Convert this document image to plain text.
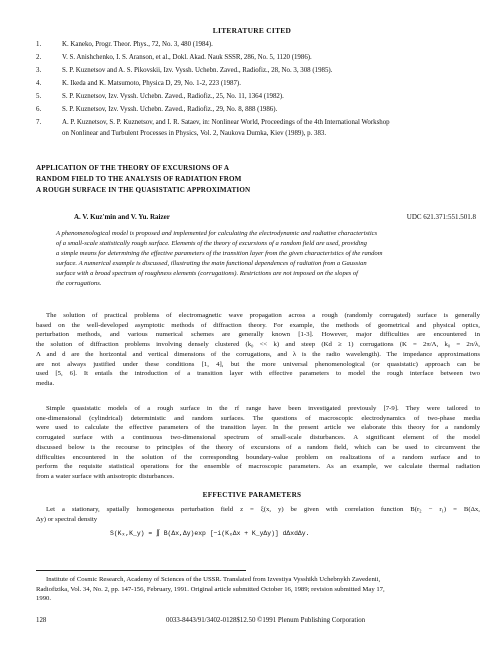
LITERATURE CITED
1.	K. Kaneko, Progr. Theor. Phys., 72, No. 3, 480 (1984).
2.	V. S. Anishchenko, I. S. Aranson, et al., Dokl. Akad. Nauk SSSR, 286, No. 5, 1120 (1986).
3.	S. P. Kuznetsov and A. S. Pikovskii, Izv. Vyssh. Uchebn. Zaved., Radiofiz., 28, No. 3, 308 (1985).
4.	K. Ikeda and K. Matsumoto, Physica D, 29, No. 1-2, 223 (1987).
5.	S. P. Kuznetsov, Izv. Vyssh. Uchebn. Zaved., Radiofiz., 25, No. 11, 1364 (1982).
6.	S. P. Kuznetsov, Izv. Vyssh. Uchebn. Zaved., Radiofiz., 29, No. 8, 888 (1986).
7.	A. P. Kuznetsov, S. P. Kuznetsov, and I. R. Sataev, in: Nonlinear World, Proceedings of the 4th International Workshop
on Nonlinear and Turbulent Processes in Physics, Vol. 2, Naukova Dumka, Kiev (1989), p. 383.
APPLICATION OF THE THEORY OF EXCURSIONS OF A
RANDOM FIELD TO THE ANALYSIS OF RADIATION FROM
A ROUGH SURFACE IN THE QUASISTATIC APPROXIMATION
A. V. Kuz'min and V. Yu. Raizer	UDC 621.371:551.501.8
A phenomenological model is proposed and implemented for calculating the electrodynamic and radiative characteristics
of a small-scale statistically rough surface. Elements of the theory of excursions of a random field are used, providing
a simple means for determining the effective parameters of the transition layer from the given characteristics of the random
surface. A numerical example is discussed, illustrating the main functional dependences of radiation from a Gaussian
surface with a broad spectrum of roughness elements (corrugations). Restrictions are not imposed on the slopes of
the corrugations.
The solution of practical problems of electromagnetic wave propagation across a rough (randomly corrugated) surface is generally
based on the well-developed asymptotic methods of diffraction theory. For example, the methods of geometrical and physical optics,
perturbation methods, and various numerical schemes are generally known [1-3]. However, major difficulties are encountered in
the solution of diffraction problems involving densely clustered (k₀ << k) and steep (Kd ≥ 1) corrugations (K = 2π/Λ, k₀ = 2π/λ,
Λ and d are the horizontal and vertical dimensions of the corrugations, and λ is the radio wavelength). The impedance approximations
are not always justified under these conditions [1, 4], but the more universal phenomenological (or quasistatic) approach can be
used [5, 6]. It entails the introduction of a transition layer with effective parameters to model the rough interface between two
media.
Simple quasistatic models of a rough surface in the rf range have been investigated previously [7-9]. They were tailored to
one-dimensional (cylindrical) deterministic and random surfaces. The questions of macroscopic electrodynamics of two-phase media
were used to calculate the effective parameters of the transition layer. In the present article we elaborate this theory for a randomly
corrugated surface with a continuous two-dimensional spectrum of small-scale disturbances. A significant element of the model
discussed below is the recourse to principles of the theory of excursions of a random field, which can be used to circumvent the
difficulties encountered in the solution of the corresponding boundary-value problem on realizations of a random surface and to
perform the requisite statistical operations for the ensemble of macroscopic parameters. As an example, we calculate thermal radiation
from a water surface with anisotropic disturbances.
EFFECTIVE PARAMETERS
Let a stationary, spatially homogeneous perturbation field z = ξ(x, y) be given with correlation function B(r₂ − r₁) = B(Δx,
Δy) or spectral density
S(Kₓ,K_y) = ∬ B(Δx,Δy)exp [−i(KₓΔx + K_yΔy)] dΔxdΔy.
Institute of Cosmic Research, Academy of Sciences of the USSR. Translated from Izvestiya Vysshikh Uchebnykh Zavedenii,
Radiofizika, Vol. 34, No. 2, pp. 147-156, February, 1991. Original article submitted October 16, 1989; revision submitted May 17,
1990.
128	0033-8443/91/3402-0128$12.50 ©1991 Plenum Publishing Corporation
